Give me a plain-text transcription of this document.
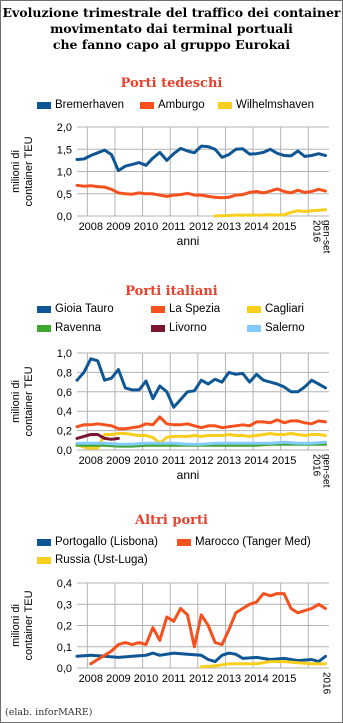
Evoluzione trimestrale del traffico dei container
movimentato dai terminal portuali
che fanno capo al gruppo Eurokai
Porti tedeschi
Bremerhaven	Amburgo	Wilhelmshaven
0,0
0,5
1,0
1,5
2,0
2008 2009 2010 2011 2012 2013 2014 2015 gen-set
2016
anni
milioni di container TEU
Porti italiani
Gioia Tauro	La Spezia	Cagliari
Ravenna	Livorno	Salerno
0,0
0,2
0,4
0,6
0,8
1,0
2008 2009 2010 2011 2012 2013 2014 2015 gen-set
2016
anni
milioni di container TEU
Altri porti
Portogallo (Lisbona)	Marocco (Tanger Med)
Russia (Ust-Luga)
0,0
0,1
0,2
0,3
0,4
2008 2009 2010 2011 2012 2013 2014 2015 2016
milioni di container TEU
(elab. inforMARE)
